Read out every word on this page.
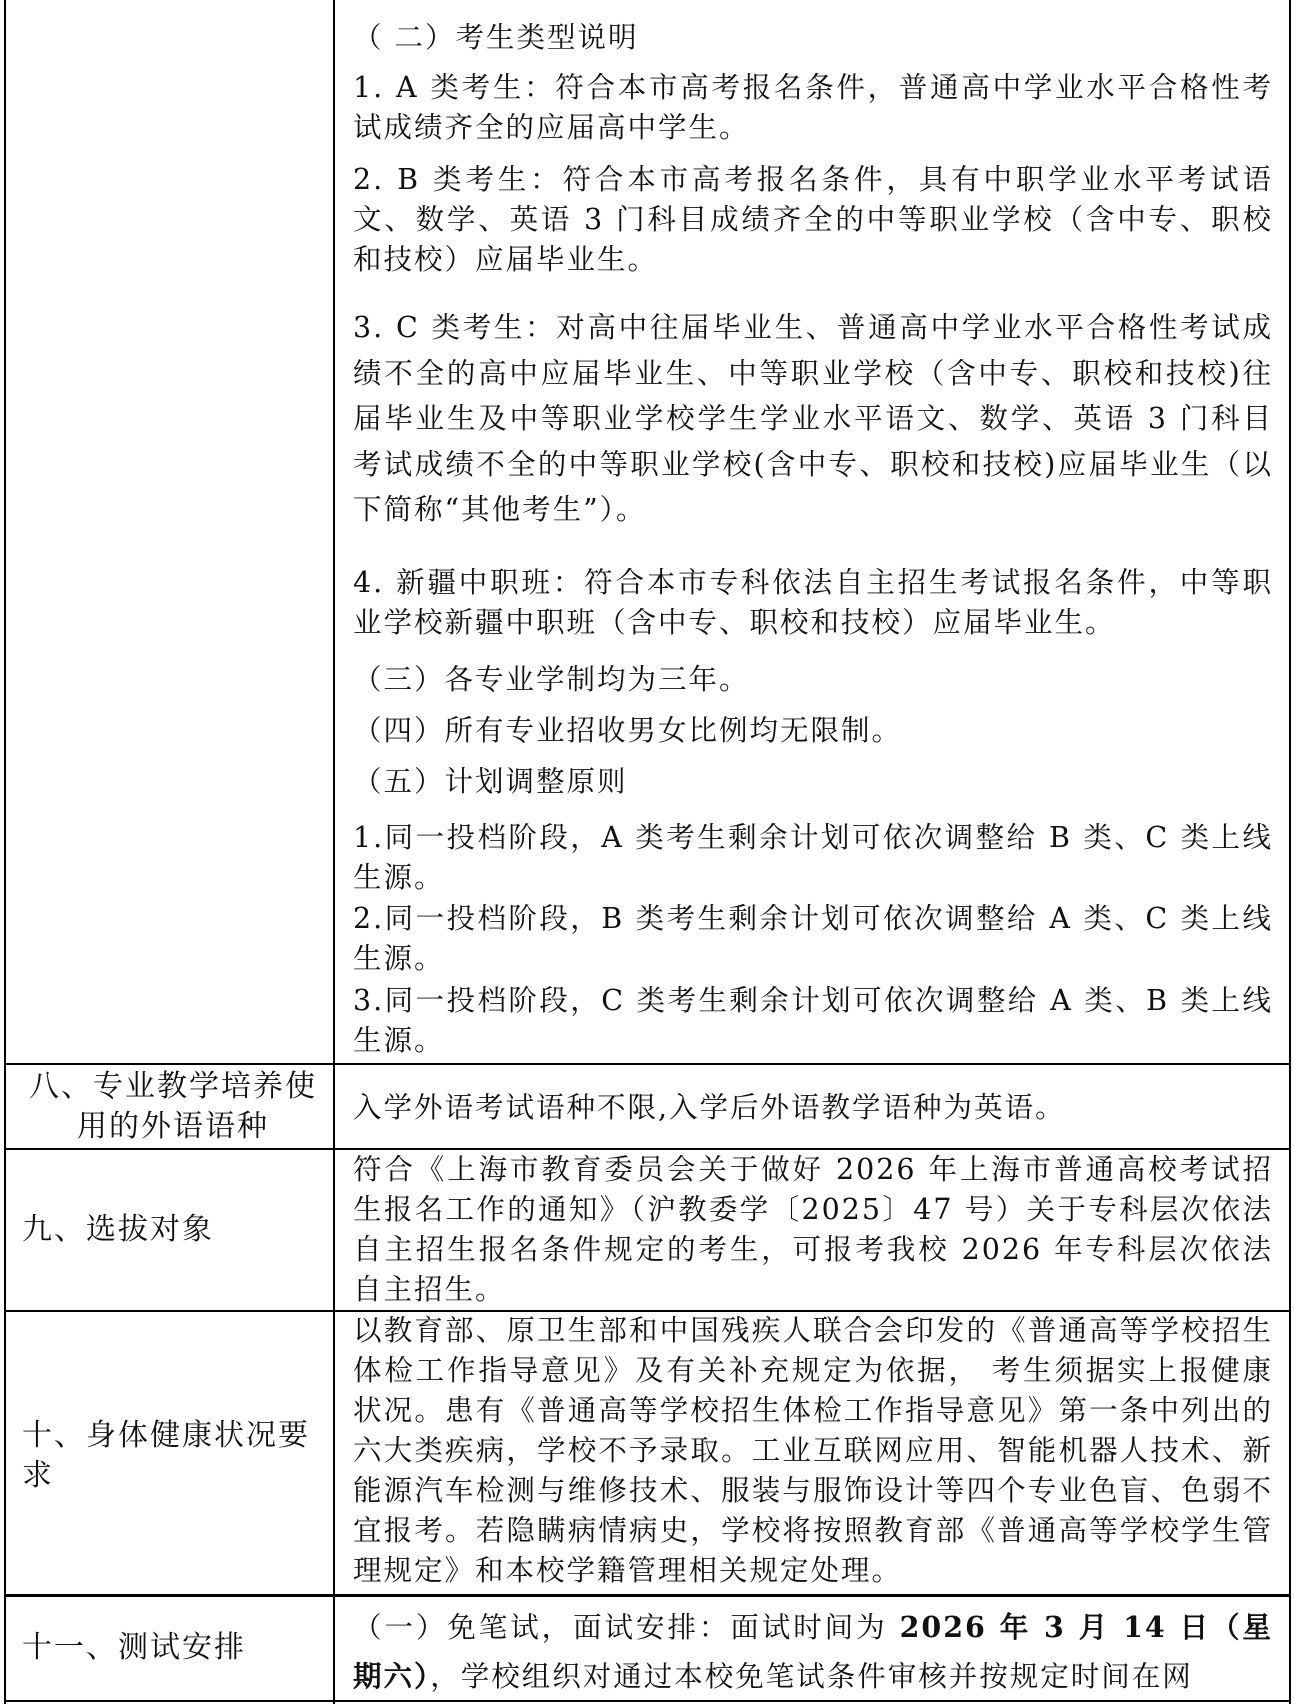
（ 二）考生类型说明
1. A 类考生：符合本市高考报名条件，普通高中学业水平合格性考试成绩齐全的应届高中学生。
2. B 类考生：符合本市高考报名条件，具有中职学业水平考试语文、数学、英语 3 门科目成绩齐全的中等职业学校（含中专、职校和技校）应届毕业生。
3. C 类考生：对高中往届毕业生、普通高中学业水平合格性考试成绩不全的高中应届毕业生、中等职业学校（含中专、职校和技校)往届毕业生及中等职业学校学生学业水平语文、数学、英语 3 门科目考试成绩不全的中等职业学校(含中专、职校和技校)应届毕业生（以下简称“其他考生”）。
4. 新疆中职班：符合本市专科依法自主招生考试报名条件，中等职业学校新疆中职班（含中专、职校和技校）应届毕业生。
（三）各专业学制均为三年。
（四）所有专业招收男女比例均无限制。
（五）计划调整原则
1.同一投档阶段，A 类考生剩余计划可依次调整给 B 类、C 类上线生源。
2.同一投档阶段，B 类考生剩余计划可依次调整给 A 类、C 类上线生源。
3.同一投档阶段，C 类考生剩余计划可依次调整给 A 类、B 类上线生源。
八、专业教学培养使用的外语语种
入学外语考试语种不限,入学后外语教学语种为英语。
九、选拔对象
符合《上海市教育委员会关于做好 2026 年上海市普通高校考试招生报名工作的通知》（沪教委学〔2025〕47 号）关于专科层次依法自主招生报名条件规定的考生，可报考我校 2026 年专科层次依法自主招生。
十、身体健康状况要求
以教育部、原卫生部和中国残疾人联合会印发的《普通高等学校招生体检工作指导意见》及有关补充规定为依据， 考生须据实上报健康状况。患有《普通高等学校招生体检工作指导意见》第一条中列出的六大类疾病，学校不予录取。工业互联网应用、智能机器人技术、新能源汽车检测与维修技术、服装与服饰设计等四个专业色盲、色弱不宜报考。若隐瞒病情病史，学校将按照教育部《普通高等学校学生管理规定》和本校学籍管理相关规定处理。
十一、测试安排
（一）免笔试，面试安排：面试时间为 2026 年 3 月 14 日（星期六），学校组织对通过本校免笔试条件审核并按规定时间在网
